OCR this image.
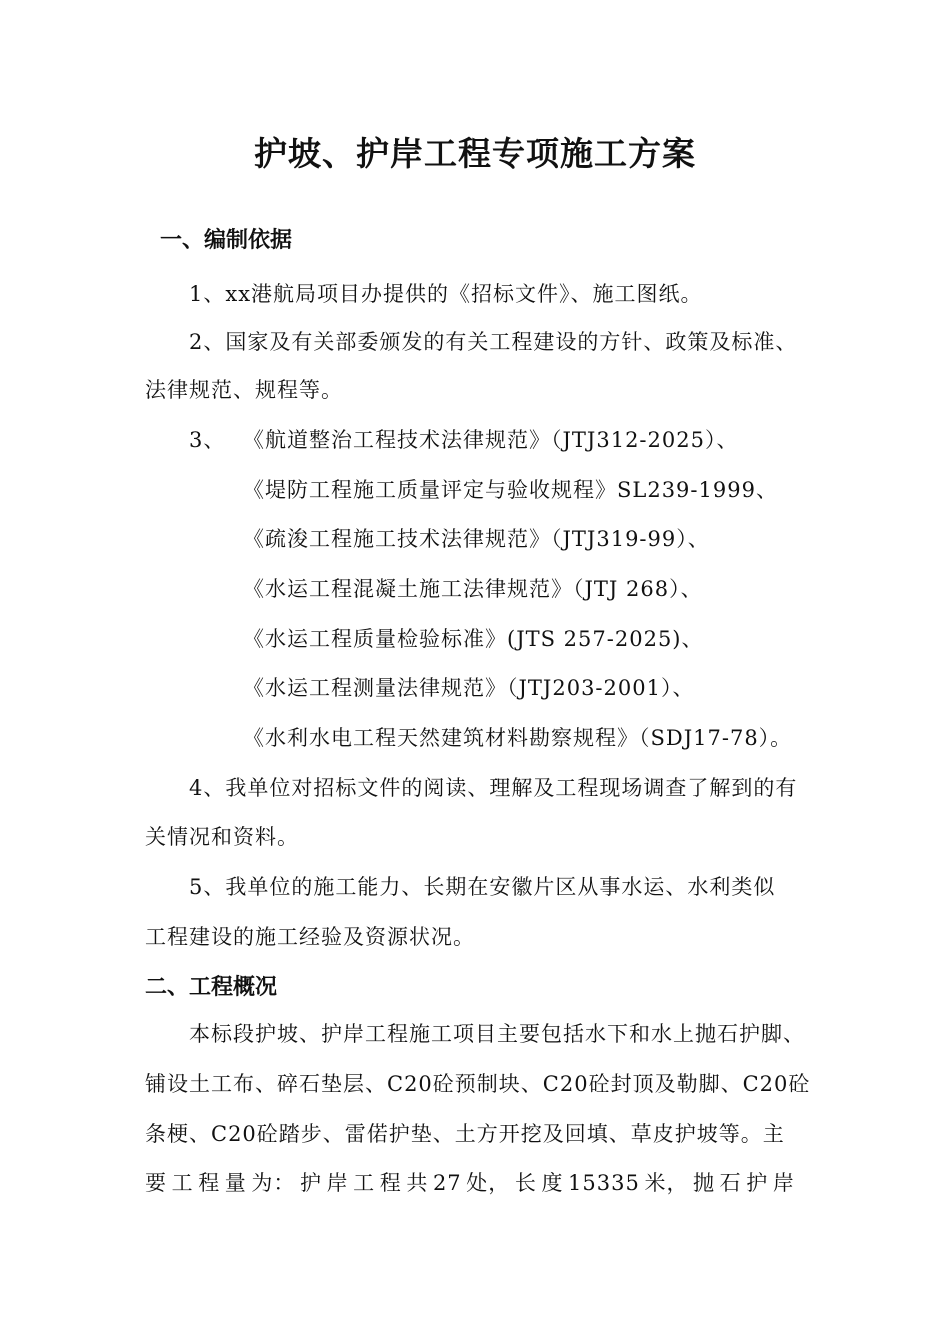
护坡、护岸工程专项施工方案
一、编制依据
1、xx港航局项目办提供的《招标文件》、施工图纸。
2、国家及有关部委颁发的有关工程建设的方针、政策及标准、
法律规范、规程等。
3、 《航道整治工程技术法律规范》（JTJ312-2025）、
《堤防工程施工质量评定与验收规程》SL239-1999、
《疏浚工程施工技术法律规范》（JTJ319-99）、
《水运工程混凝土施工法律规范》（JTJ 268）、
《水运工程质量检验标准》(JTS 257-2025)、
《水运工程测量法律规范》（JTJ203-2001）、
《水利水电工程天然建筑材料勘察规程》（SDJ17-78）。
4、我单位对招标文件的阅读、理解及工程现场调查了解到的有
关情况和资料。
5、我单位的施工能力、长期在安徽片区从事水运、水利类似
工程建设的施工经验及资源状况。
二、工程概况
本标段护坡、护岸工程施工项目主要包括水下和水上抛石护脚、
铺设土工布、碎石垫层、C20砼预制块、C20砼封顶及勒脚、C20砼
条梗、C20砼踏步、雷偌护垫、土方开挖及回填、草皮护坡等。主
要 工 程 量 为： 护 岸 工 程 共 27 处， 长 度 15335 米， 抛 石 护 岸
